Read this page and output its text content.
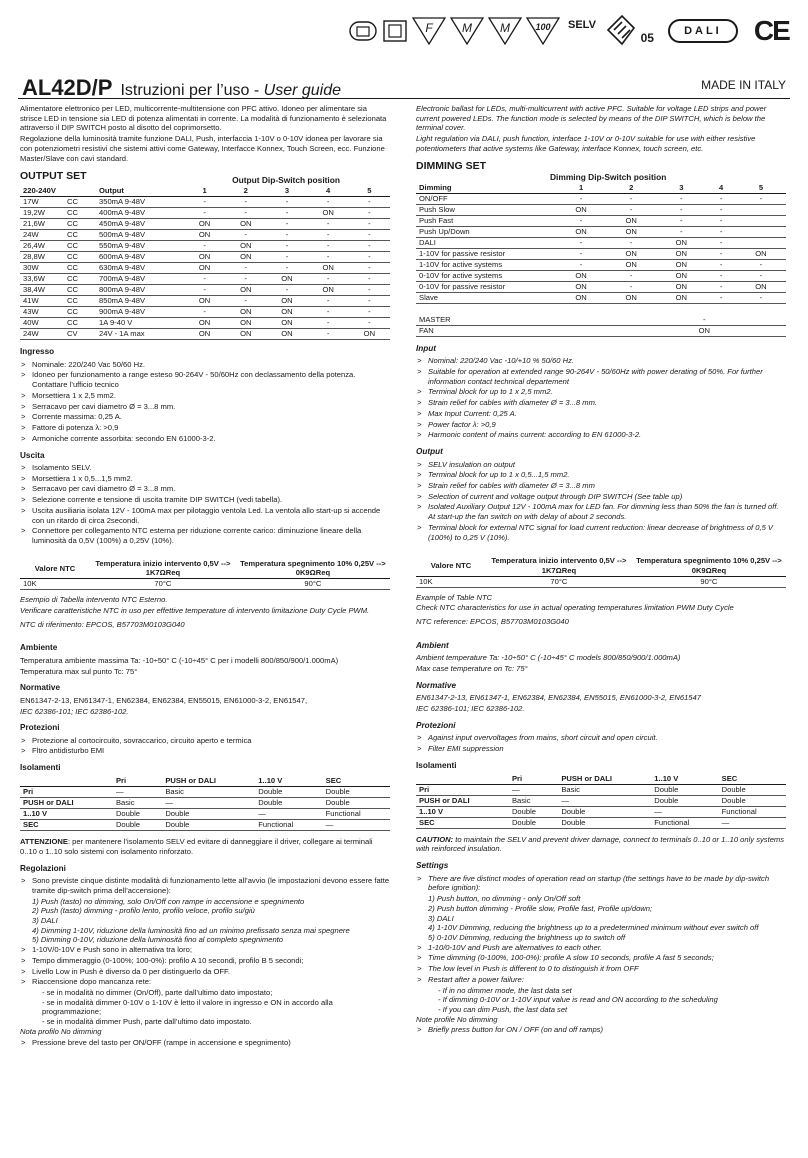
F	M	M	100	SELV
05	DALI	CE
AL42D/P Istruzioni per l’uso - User guide	MADE IN ITALY

Alimentatore elettronico per LED, multicorrente-multitensione con PFC attivo. Idoneo per alimentare sia strisce LED in tensione sia LED di potenza alimentati in corrente. La modalità di funzionamento è selezionata attraverso il DIP SWITCH posto al disotto del coprimorsetto.

Regolazione della luminosità tramite funzione DALI, Push, interfaccia 1-10V o 0-10V idonea per lavorare sia con potenziometri resistivi che sistemi attivi come Gateway, Interfacce Konnex, Touch Screen, ecc. Funzione Master/Slave con cavi standard.

OUTPUT SET	Output Dip-Switch position
220-240V		Output	1	2	3	4	5
17W	CC	350mA 9-48V	-	-	-	-	-
19,2W	CC	400mA 9-48V	-	-	-	ON	-
21,6W	CC	450mA 9-48V	ON	ON	-	-	-
24W	CC	500mA 9-48V	ON	-	-	-	-
26,4W	CC	550mA 9-48V	-	ON	-	-	-
28,8W	CC	600mA 9-48V	ON	ON	-	-	-
30W	CC	630mA 9-48V	ON	-	-	ON	-
33,6W	CC	700mA 9-48V	-	-	ON	-	-
38,4W	CC	800mA 9-48V	-	ON	-	ON	-
41W	CC	850mA 9-48V	ON	-	ON	-	-
43W	CC	900mA 9-48V	-	ON	ON	-	-
40W	CC	1A 9-40 V	ON	ON	ON	-	-
24W	CV	24V - 1A max	ON	ON	ON	-	ON
Ingresso
> Nominale: 220/240 Vac 50/60 Hz.
> Idoneo per funzionamento a range esteso 90-264V - 50/60Hz con declassamento della potenza. Contattare l’ufficio tecnico
> Morsettiera 1 x 2,5 mm2.
> Serracavo per cavi diametro Ø = 3...8 mm.
> Corrente massima: 0,25 A.
> Fattore di potenza λ: >0,9
> Armoniche corrente assorbita: secondo EN 61000-3-2.
Uscita
> Isolamento SELV.
> Morsettiera 1 x 0,5...1,5 mm2.
> Serracavo per cavi diametro Ø = 3...8 mm.
> Selezione corrente e tensione di uscita tramite DIP SWITCH (vedi tabella).
> Uscita ausiliaria isolata 12V - 100mA max per pilotaggio ventola Led. La ventola allo start-up si accende con un ritardo di circa 2secondi.
> Connettore per collegamento NTC esterna per riduzione corrente carico: diminuzione lineare della luminosità da 0,5V (100%) a 0,25V (10%).
Valore NTC	Temperatura inizio intervento 0,5V --> 1K7ΩReq	Temperatura spegnimento 10% 0,25V --> 0K9ΩReq
10K	70°C	90°C

Esempio di Tabella intervento NTC Esterno.

Verificare caratteristiche NTC in uso per effettive temperature di intervento limitazione Duty Cycle PWM.

NTC di riferimento: EPCOS, B57703M0103G040

Ambiente

Temperatura ambiente massima Ta: -10÷50° C (-10÷45° C per i modelli 800/850/900/1.000mA)

Temperatura max sul punto Tc: 75°

Normative

EN61347-2-13, EN61347-1, EN62384, EN62384, EN55015, EN61000-3-2, EN61547,

IEC 62386-101; IEC 62386-102.

Protezioni
> Protezione al cortocircuito, sovraccarico, circuito aperto e termica
> Fltro antidisturbo EMI
Isolamenti
	Pri	PUSH or DALI	1..10 V	SEC
Pri	—	Basic	Double	Double
PUSH or DALI	Basic	—	Double	Double
1..10 V	Double	Double	—	Functional
SEC	Double	Double	Functional	—

ATTENZIONE: per mantenere l’isolamento SELV ed evitare di danneggiare il driver, collegare ai terminali 0..10 o 1..10 solo sistemi con isolamento rinforzato.

Regolazioni
> Sono previste cinque distinte modalità di funzionamento lette all’avvio (le impostazioni devono essere fatte tramite dip-switch prima dell’accensione):
1) Push (tasto) no dimming, solo On/Off con rampe in accensione e spegnimento
2) Push (tasto) dimming - profilo lento, profilo veloce, profilo su/giù
3) DALI
4) Dimming 1-10V, riduzione della luminosità fino ad un minimo prefissato senza mai spegnere
5) Dimming 0-10V, riduzione della luminosità fino al completo spegnimento
> 1-10V/0-10V e Push sono in alternativa tra loro;
> Tempo dimmeraggio (0-100%; 100-0%): profilo A 10 secondi, profilo B 5 secondi;
> Livello Low in Push è diverso da 0 per distinguerlo da OFF.
> Riaccensione dopo mancanza rete:
- se in modalità no dimmer (On/Off), parte dall’ultimo dato impostato;
- se in modalità dimmer 0-10V o 1-10V è letto il valore in ingresso e ON in accordo alla programmazione;
- se in modalità dimmer Push, parte dall’ultimo dato impostato.

Nota profilo No dimming

> Pressione breve del tasto per ON/OFF (rampe in accensione e spegnimento)

Electronic ballast for LEDs, multi-multicurrent with active PFC. Suitable for voltage LED strips and power current powered LEDs. The function mode is selected by means of the DIP SWITCH, which is below the terminal cover.

Light regulation via DALI, push function, interface 1-10V or 0-10V suitable for use with either resistive potentiometers that active systems like Gateway, interface Konnex, touch screen, etc.

DIMMING SET
Dimming Dip-Switch position
Dimming	1	2	3	4	5
ON/OFF	-	-	-	-	-
Push Slow	ON	-	-	-	
Push Fast	-	ON	-	-	
Push Up/Down	ON	ON	-	-	
DALI	-	-	ON	-	
1-10V for passive resistor	-	ON	ON	-	ON
1-10V for active systems	-	ON	ON	-	-
0-10V for active systems	ON	-	ON	-	-
0-10V for passive resistor	ON	-	ON	-	ON
Slave	ON	ON	ON	-	-
MASTER				-	
FAN				ON	
Input
> Nominal: 220/240 Vac -10/+10 % 50/60 Hz.
> Suitable for operation at extended range 90-264V - 50/60Hz with power derating of 50%. For further information contact technical departement
> Terminal block for up to 1 x 2,5 mm2.
> Strain relief for cables with diameter Ø = 3...8 mm.
> Max Input Current: 0,25 A.
> Power factor λ: >0,9
> Harmonic content of mains current: according to EN 61000-3-2.
Output
> SELV insulation on output
> Terminal block for up to 1 x 0,5...1,5 mm2.
> Strain relief for cables with diameter Ø = 3...8 mm
> Selection of current and voltage output through DIP SWITCH (See table up)
> Isolated Auxiliary Output 12V - 100mA max for LED fan. For dimming less than 50% the fan is turned off. At start-up the fan switch on with delay of about 2 seconds.
> Terminal block for external NTC signal for load current reduction: linear decrease of brightness of 0,5 V (100%) to 0,25 V (10%).
Valore NTC	Temperatura inizio intervento 0,5V --> 1K7ΩReq	Temperatura spegnimento 10% 0,25V --> 0K9ΩReq
10K	70°C	90°C

Example of Table NTC

Check NTC characteristics for use in actual operating temperatures limitation PWM Duty Cycle

NTC reference: EPCOS, B57703M0103G040

Ambient

Ambient temperature Ta: -10÷50° C (-10÷45° C models 800/850/900/1.000mA)

Max case temperature on Tc: 75°

Normative

EN61347-2-13, EN61347-1, EN62384, EN62384, EN55015, EN61000-3-2, EN61547

IEC 62386-101; IEC 62386-102.

Protezioni
> Against input overvoltages from mains, short circuit and open circuit.
> Filter EMI suppression
Isolamenti
	Pri	PUSH or DALI	1..10 V	SEC
Pri	—	Basic	Double	Double
PUSH or DALI	Basic	—	Double	Double
1..10 V	Double	Double	—	Functional
SEC	Double	Double	Functional	—

CAUTION: to maintain the SELV and prevent driver damage, connect to terminals 0..10 or 1..10 only systems with reinforced insulation.

Settings
> There are five distinct modes of operation read on startup (the settings have to be made by dip-switch before ignition):
1) Push button, no dimming - only On/Off soft
2) Push button dimming - Profile slow, Profile fast, Profile up/down;
3) DALI
4) 1-10V Dimming, reducing the brightness up to a predetermined minimum without ever switch off
5) 0-10V Dimming, reducing the brightness up to switch off
> 1-10/0-10V and Push are alternatives to each other.
> Time dimming (0-100%, 100-0%): profile A slow 10 seconds, profile A fast 5 seconds;
> The low level in Push is different to 0 to distinguish it from OFF
> Restart after a power failure:
- If in no dimmer mode, the last data set
- If dimming 0-10V or 1-10V input value is read and ON according to the scheduling
- If you can dim Push, the last data set

Note profile No dimming

> Briefly press button for ON / OFF (on and off ramps)
